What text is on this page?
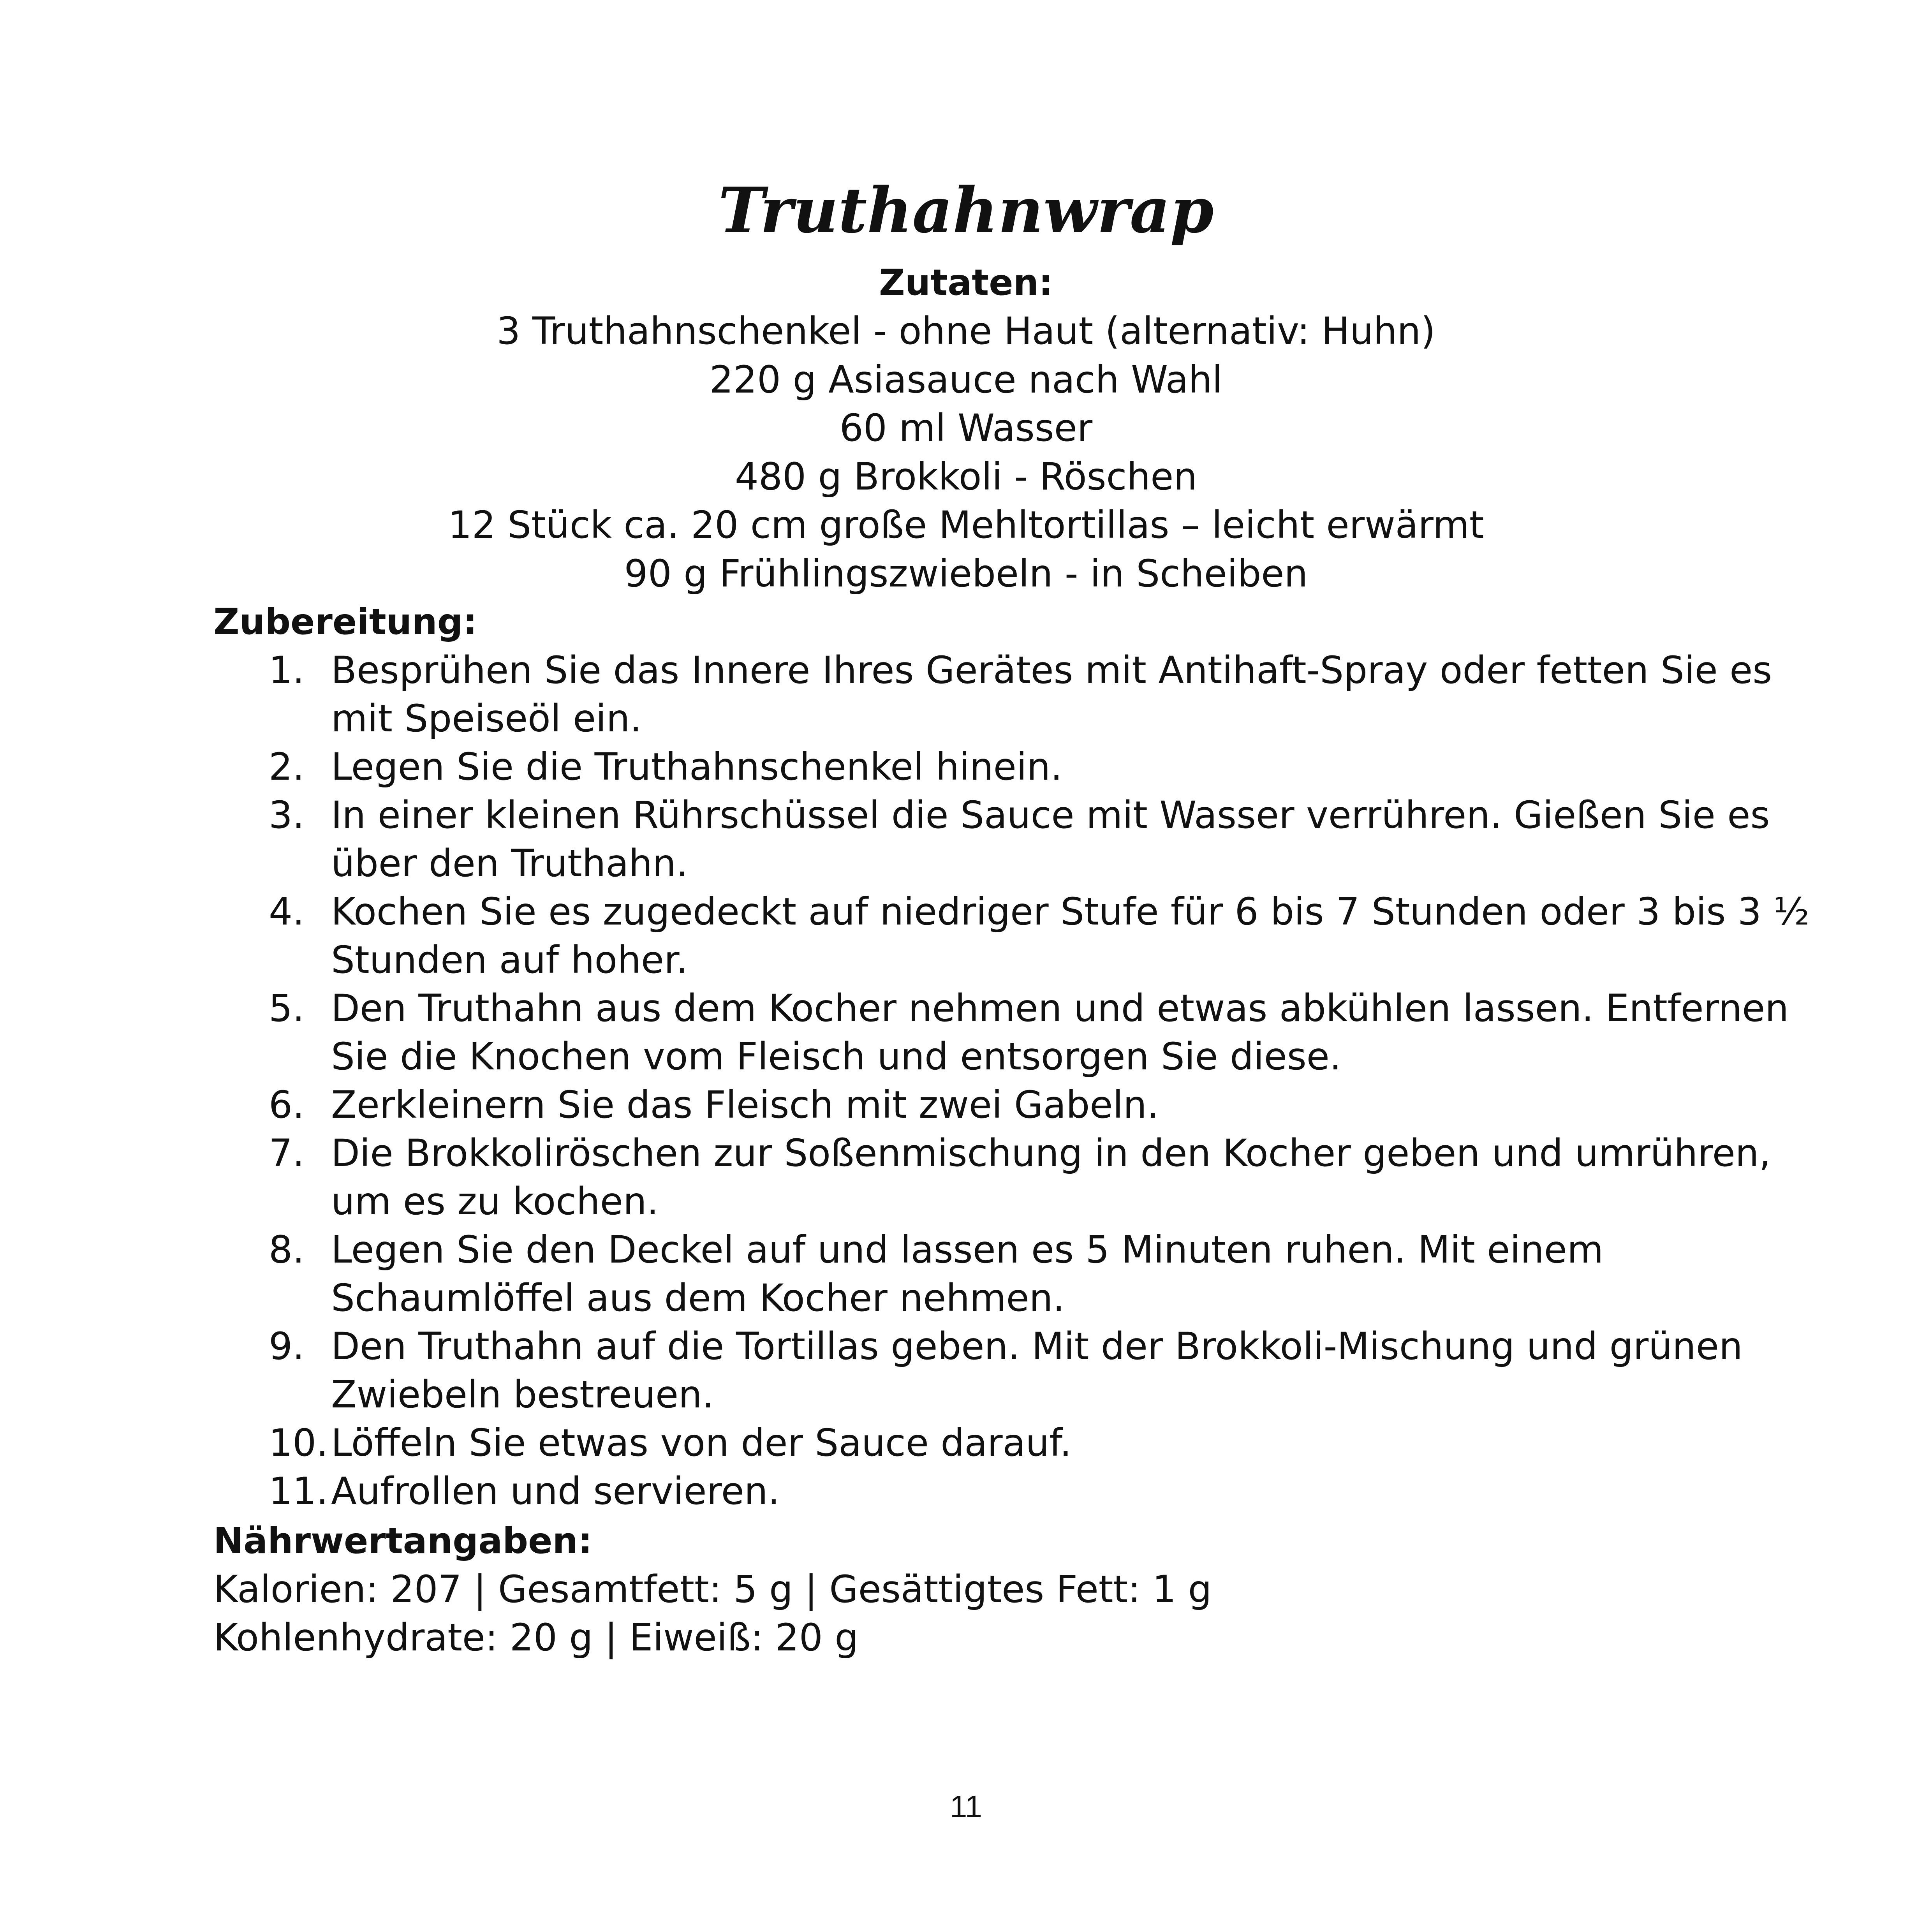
Truthahnwrap
Zutaten:
3 Truthahnschenkel - ohne Haut (alternativ: Huhn)
220 g Asiasauce nach Wahl
60 ml Wasser
480 g Brokkoli - Röschen
12 Stück ca. 20 cm große Mehltortillas – leicht erwärmt
90 g Frühlingszwiebeln - in Scheiben
Zubereitung:
1. Besprühen Sie das Innere Ihres Gerätes mit Antihaft-Spray oder fetten Sie es mit Speiseöl ein.
2. Legen Sie die Truthahnschenkel hinein.
3. In einer kleinen Rührschüssel die Sauce mit Wasser verrühren. Gießen Sie es über den Truthahn.
4. Kochen Sie es zugedeckt auf niedriger Stufe für 6 bis 7 Stunden oder 3 bis 3 ½ Stunden auf hoher.
5. Den Truthahn aus dem Kocher nehmen und etwas abkühlen lassen. Entfernen Sie die Knochen vom Fleisch und entsorgen Sie diese.
6. Zerkleinern Sie das Fleisch mit zwei Gabeln.
7. Die Brokkoliröschen zur Soßenmischung in den Kocher geben und umrühren, um es zu kochen.
8. Legen Sie den Deckel auf und lassen es 5 Minuten ruhen. Mit einem Schaumlöffel aus dem Kocher nehmen.
9. Den Truthahn auf die Tortillas geben. Mit der Brokkoli-Mischung und grünen Zwiebeln bestreuen.
10. Löffeln Sie etwas von der Sauce darauf.
11. Aufrollen und servieren.
Nährwertangaben:
Kalorien: 207 | Gesamtfett: 5 g | Gesättigtes Fett: 1 g
Kohlenhydrate: 20 g | Eiweiß: 20 g
11
